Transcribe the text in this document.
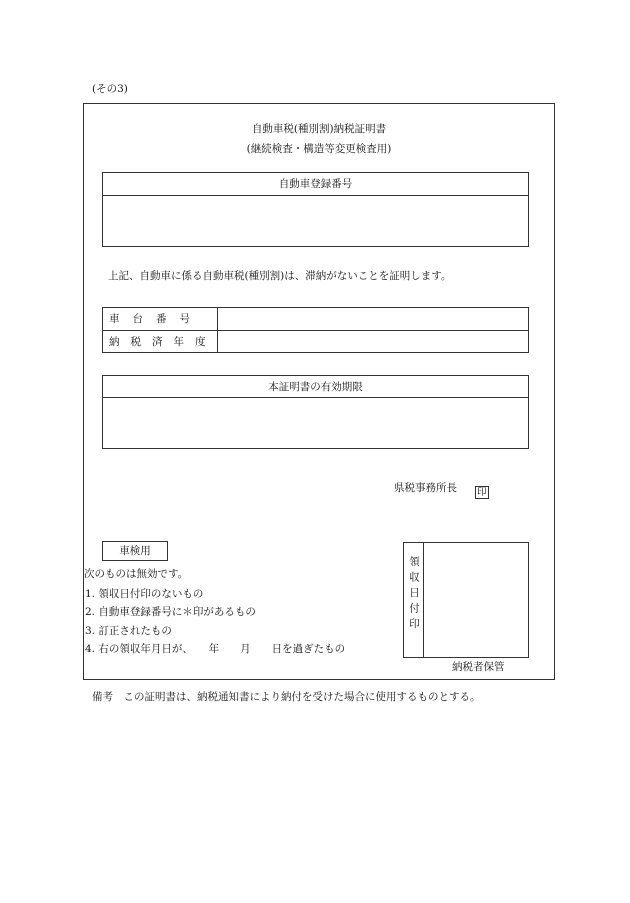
(その3)
自動車税(種別割)納税証明書
(継続検査・構造等変更検査用)
自動車登録番号
上記、自動車に係る自動車税(種別割)は、滞納がないことを証明します。
車台番号
納税済年度
本証明書の有効期限
県税事務所長 印
車検用
次のものは無効です。
1. 領収日付印のないもの
2. 自動車登録番号に＊印があるもの
3. 訂正されたもの
4. 右の領収年月日が、　　年　　月　　日を過ぎたもの
領収日付印
納税者保管
備考　この証明書は、納税通知書により納付を受けた場合に使用するものとする。
